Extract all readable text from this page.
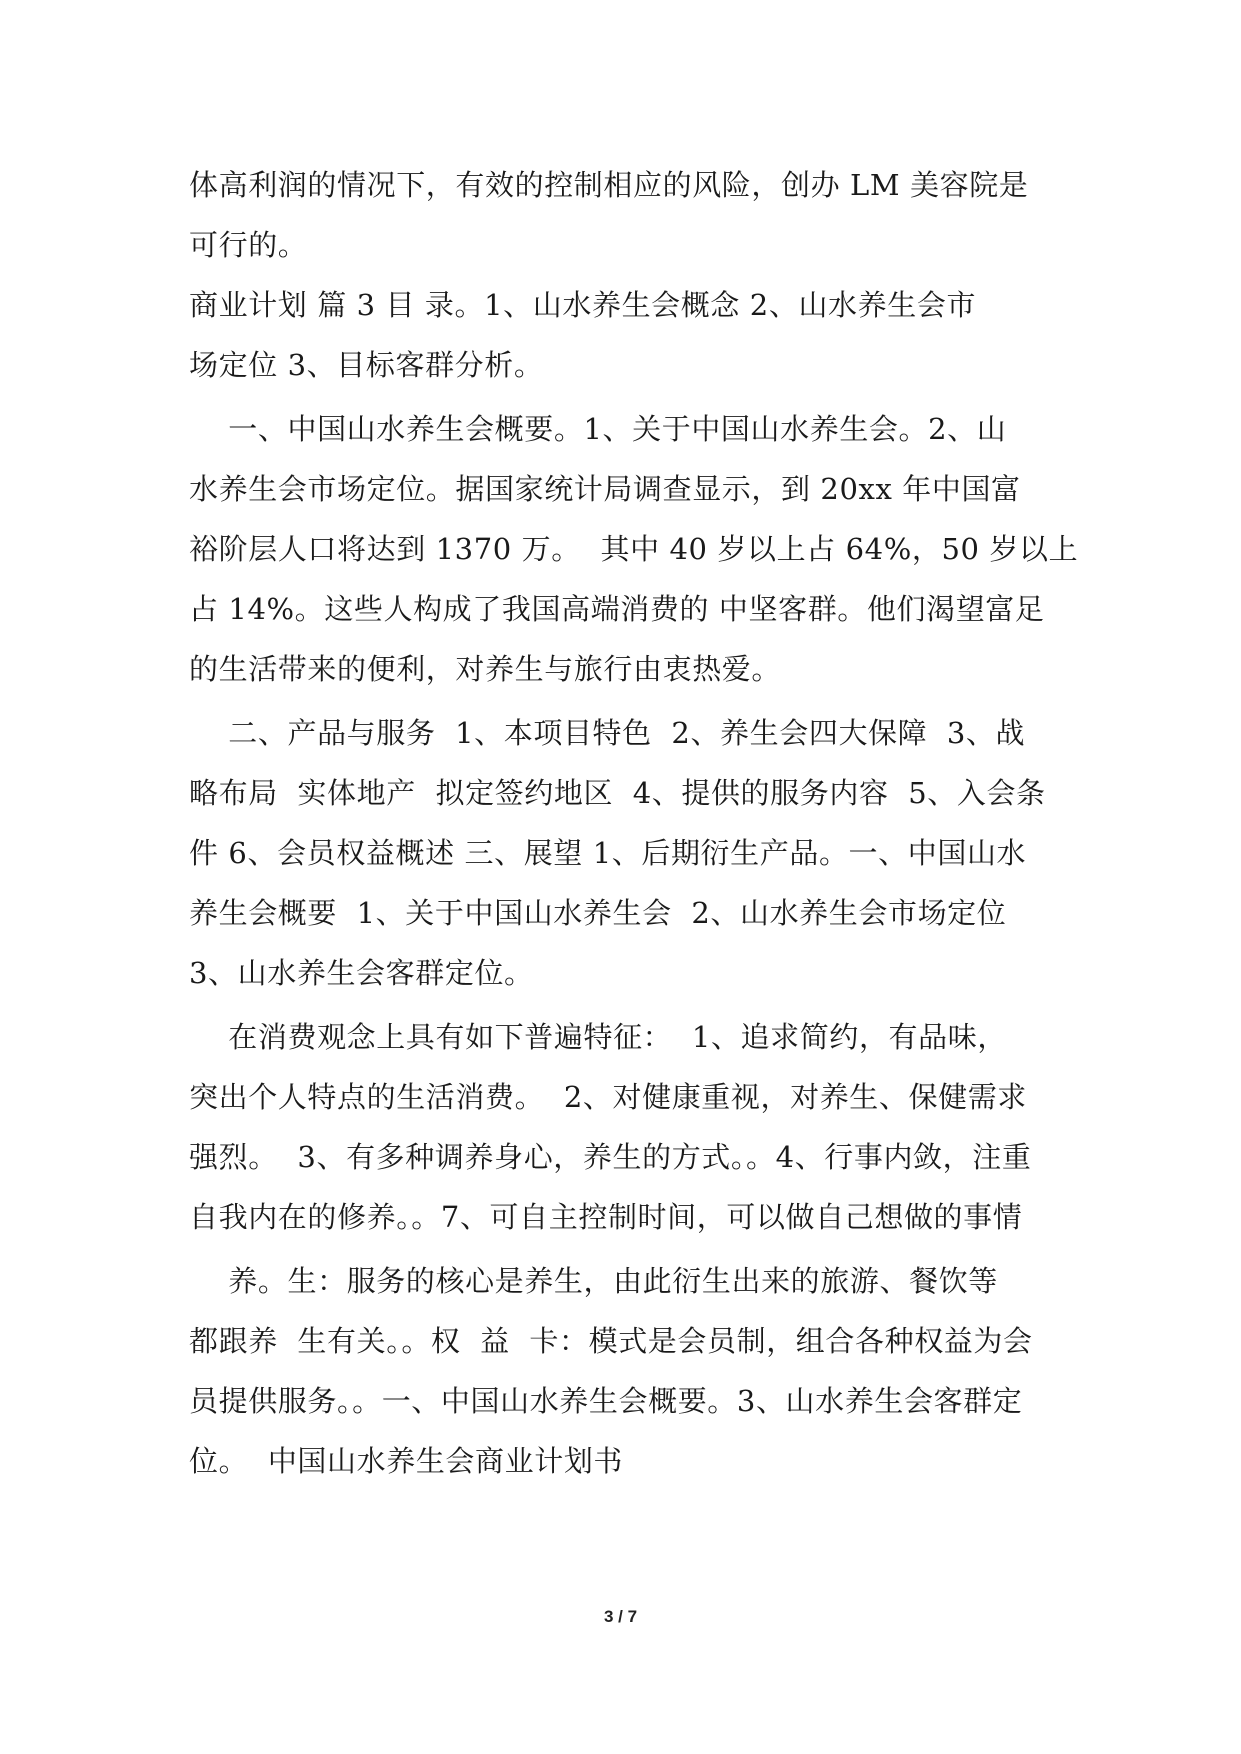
体高利润的情况下，有效的控制相应的风险，创办 LM 美容院是
可行的。
商业计划 篇 3 目 录。1、山水养生会概念 2、山水养生会市
场定位 3、目标客群分析。
一、中国山水养生会概要。1、关于中国山水养生会。2、山
水养生会市场定位。据国家统计局调查显示，到 20xx 年中国富
裕阶层人口将达到 1370 万。  其中 40 岁以上占 64%，50 岁以上
占 14%。这些人构成了我国高端消费的 中坚客群。他们渴望富足
的生活带来的便利，对养生与旅行由衷热爱。
二、产品与服务  1、本项目特色  2、养生会四大保障  3、战
略布局  实体地产  拟定签约地区  4、提供的服务内容  5、入会条
件 6、会员权益概述 三、展望 1、后期衍生产品。一、中国山水
养生会概要  1、关于中国山水养生会  2、山水养生会市场定位
3、山水养生会客群定位。
在消费观念上具有如下普遍特征：  1、追求简约，有品味，
突出个人特点的生活消费。  2、对健康重视，对养生、保健需求
强烈。  3、有多种调养身心，养生的方式。。4、行事内敛，注重
自我内在的修养。。7、可自主控制时间，可以做自己想做的事情
养。生：服务的核心是养生，由此衍生出来的旅游、餐饮等
都跟养  生有关。。权  益  卡：模式是会员制，组合各种权益为会
员提供服务。。一、中国山水养生会概要。3、山水养生会客群定
位。  中国山水养生会商业计划书
3 / 7
